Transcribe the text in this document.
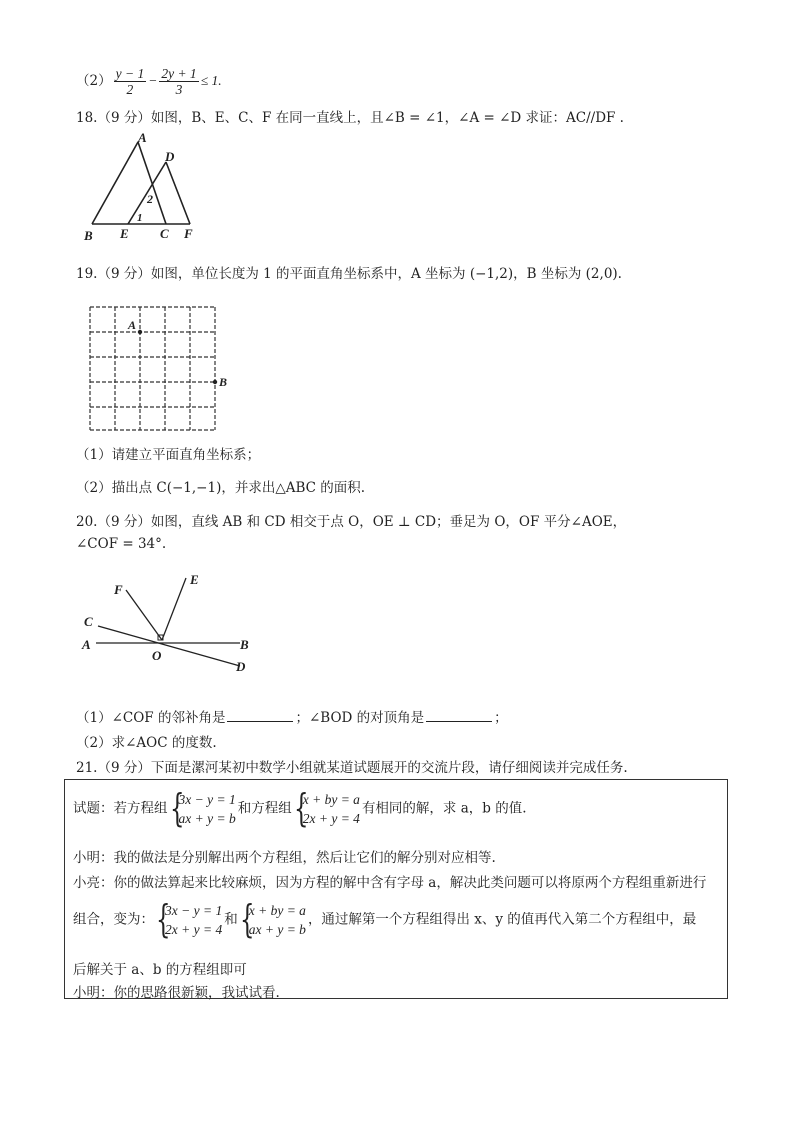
$(2) \frac{y - 1}{2} - \frac{2y + 1}{3} \le 1$.
18.（9 分）如图，B、E、C、F 在同一直线上，且∠B = ∠1，∠A = ∠D 求证：AC//DF .
A
D
2
1
B E C F
19.（9 分）如图，单位长度为 1 的平面直角坐标系中，A 坐标为 (−1,2)，B 坐标为 (2,0).
A
B
（1）请建立平面直角坐标系；
（2）描出点 C(−1,−1)，并求出△ABC 的面积.
20.（9 分）如图，直线 AB 和 CD 相交于点 O，OE ⊥ CD；垂足为 O，OF 平分∠AOE，
∠COF = 34°.
F
E
C
A
O
B
D
（1）∠COF 的邻补角是	；∠BOD 的对顶角是	；
（2）求∠AOC 的度数.
21.（9 分）下面是漯河某初中数学小组就某道试题展开的交流片段，请仔细阅读并完成任务.
试题：若方程组 {
3x − y = 1
ax + y = b
和方程组 {
x + by = a
2x + y = 4
有相同的解，求 a，b 的值.
小明：我的做法是分别解出两个方程组，然后让它们的解分别对应相等.
小亮：你的做法算起来比较麻烦，因为方程的解中含有字母 a，解决此类问题可以将原两个方程组重新进行
组合，变为： {
3x − y = 1
2x + y = 4
和 {
x + by = a
ax + y = b
，通过解第一个方程组得出 x、y 的值再代入第二个方程组中，最
后解关于 a、b 的方程组即可
小明：你的思路很新颖，我试试看.
